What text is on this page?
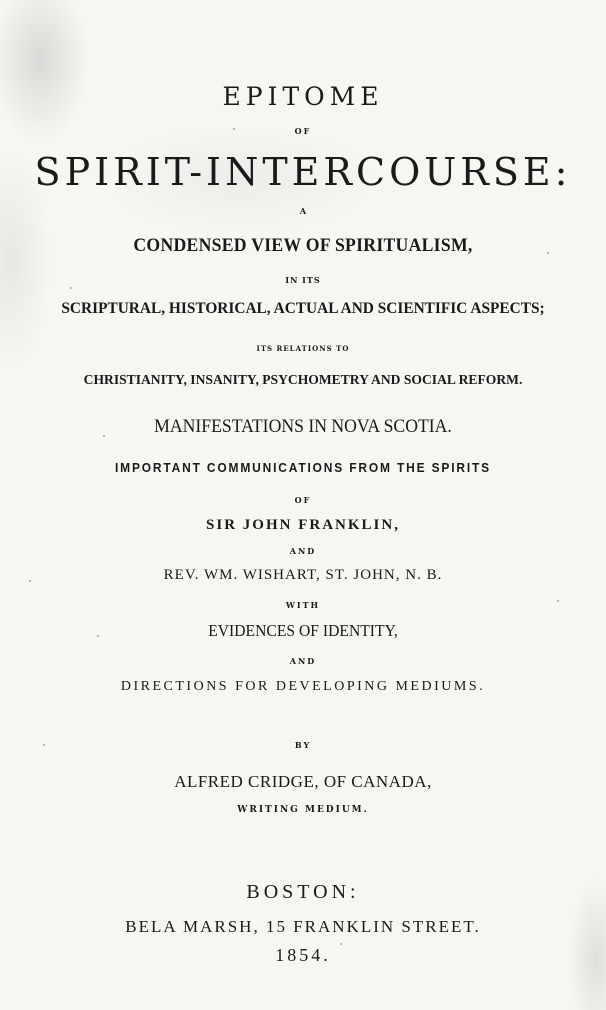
EPITOME
OF
SPIRIT-INTERCOURSE:
A
CONDENSED VIEW OF SPIRITUALISM,
IN ITS
SCRIPTURAL, HISTORICAL, ACTUAL AND SCIENTIFIC ASPECTS;
ITS RELATIONS TO
CHRISTIANITY, INSANITY, PSYCHOMETRY AND SOCIAL REFORM.
MANIFESTATIONS IN NOVA SCOTIA.
IMPORTANT COMMUNICATIONS FROM THE SPIRITS
OF
SIR JOHN FRANKLIN,
AND
REV. WM. WISHART, ST. JOHN, N. B.
WITH
EVIDENCES OF IDENTITY,
AND
DIRECTIONS FOR DEVELOPING MEDIUMS.
BY
ALFRED CRIDGE, OF CANADA,
WRITING MEDIUM.
BOSTON:
BELA MARSH, 15 FRANKLIN STREET.
1854.
